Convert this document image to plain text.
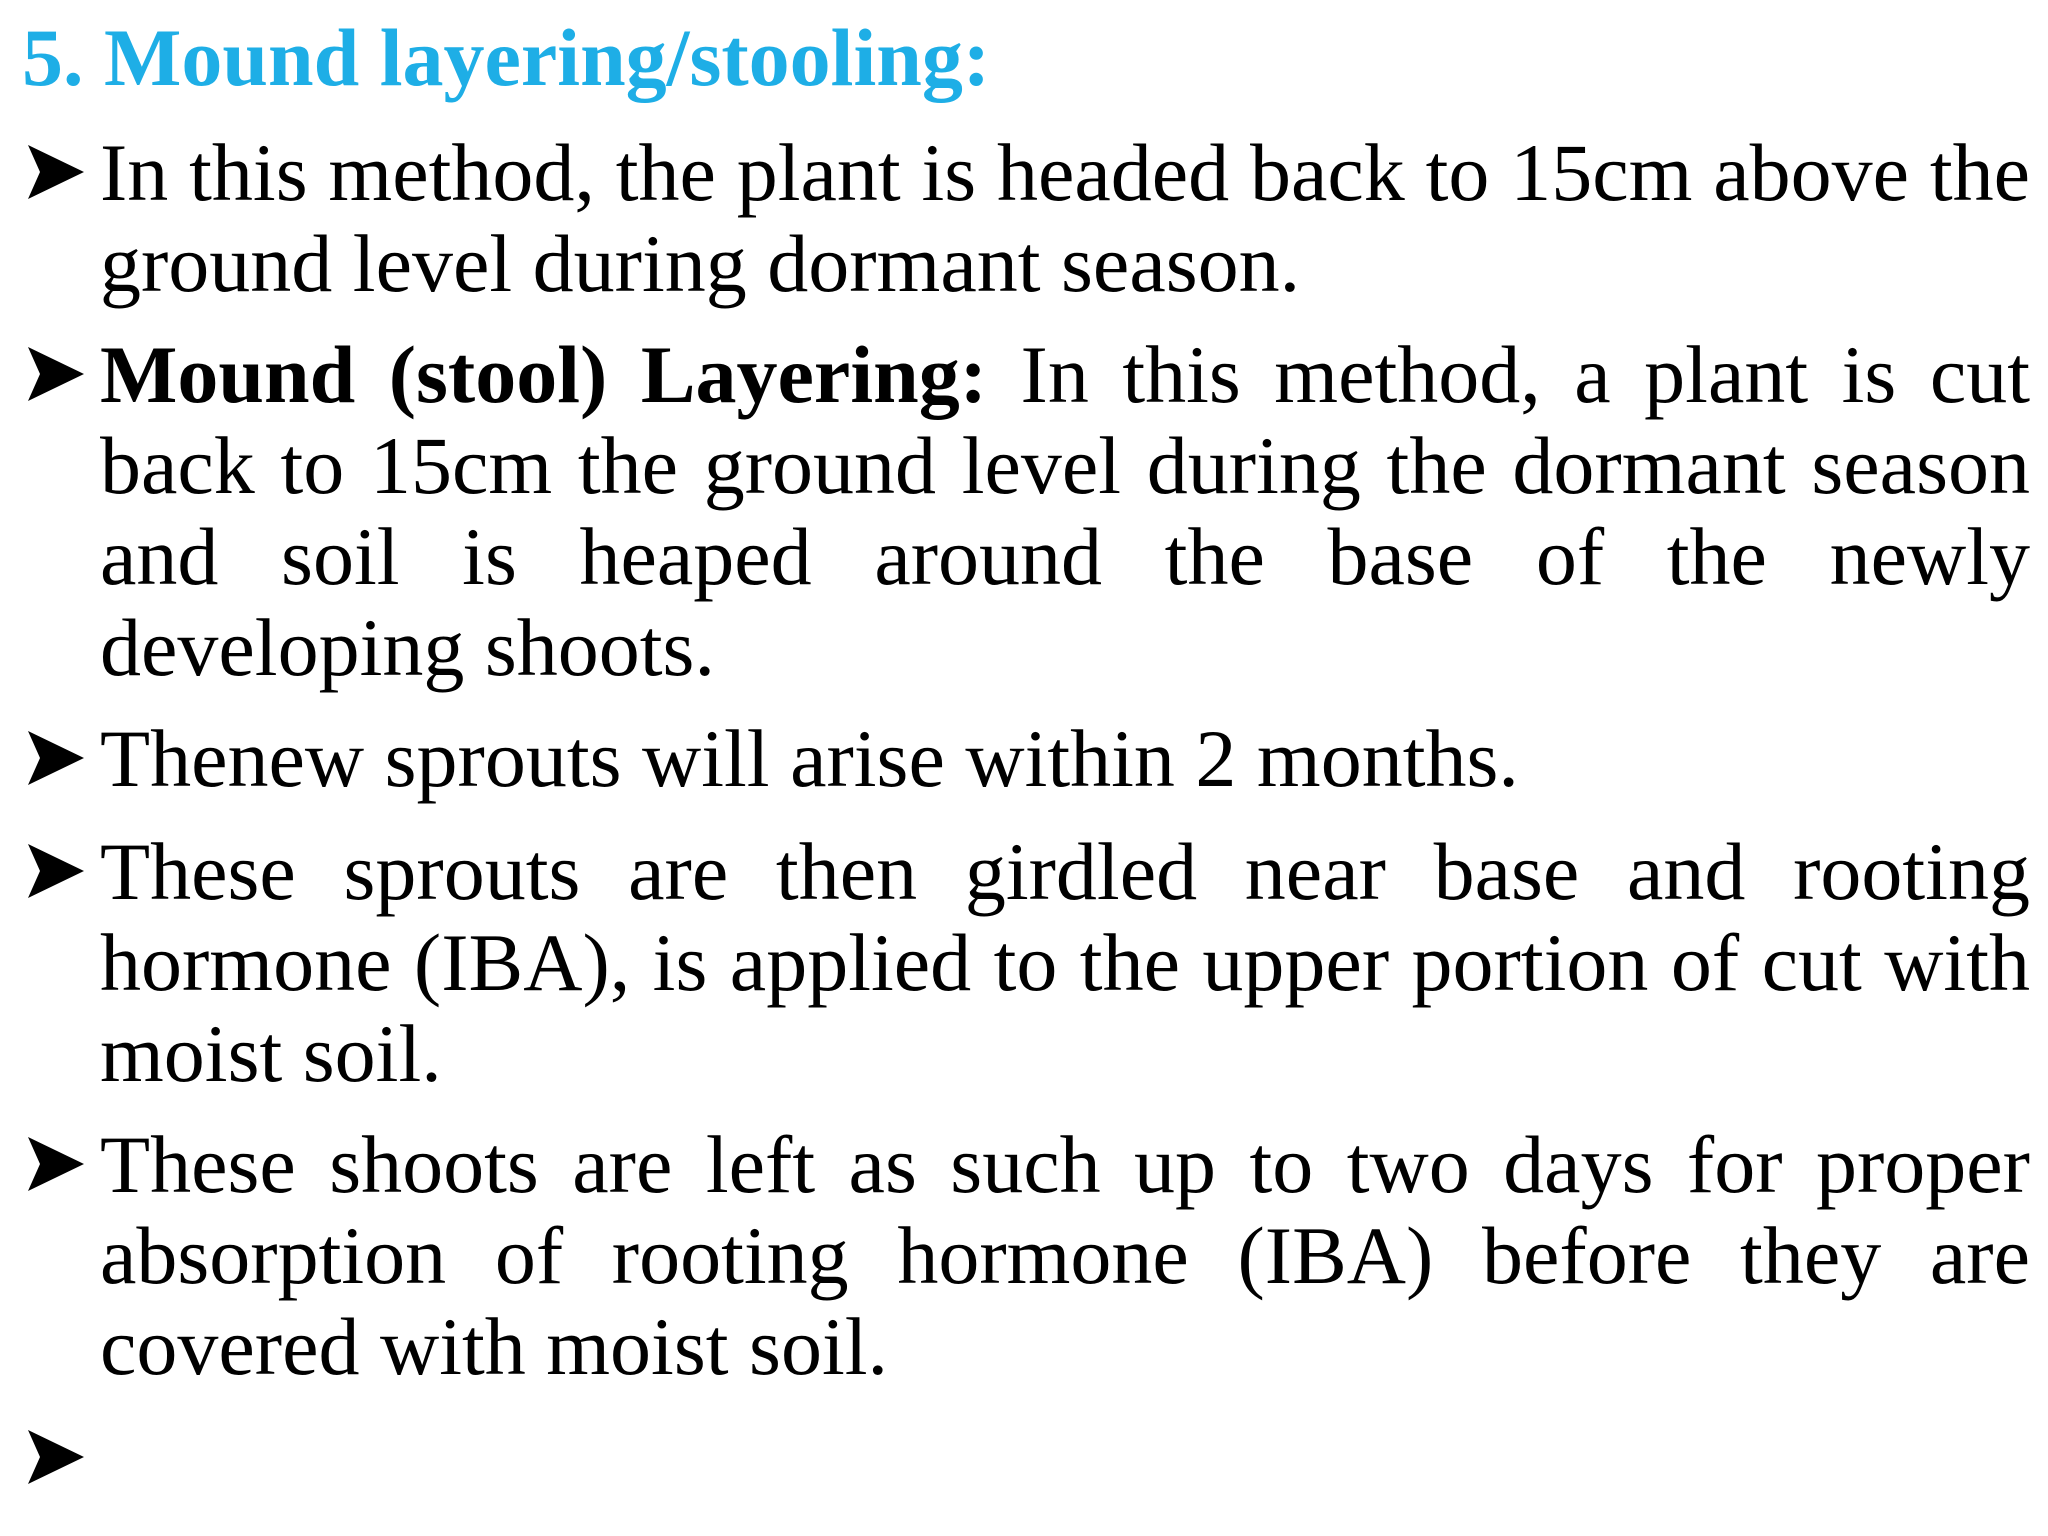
5. Mound layering/stooling:
In this method, the plant is headed back to 15cm above the ground level during dormant season.
Mound (stool) Layering: In this method, a plant is cut back to 15cm the ground level during the dormant season and soil is heaped around the base of the newly developing shoots.
Thenew sprouts will arise within 2 months.
These sprouts are then girdled near base and rooting hormone (IBA), is applied to the upper portion of cut with moist soil.
These shoots are left as such up to two days for proper absorption of rooting hormone (IBA) before they are covered with moist soil.
